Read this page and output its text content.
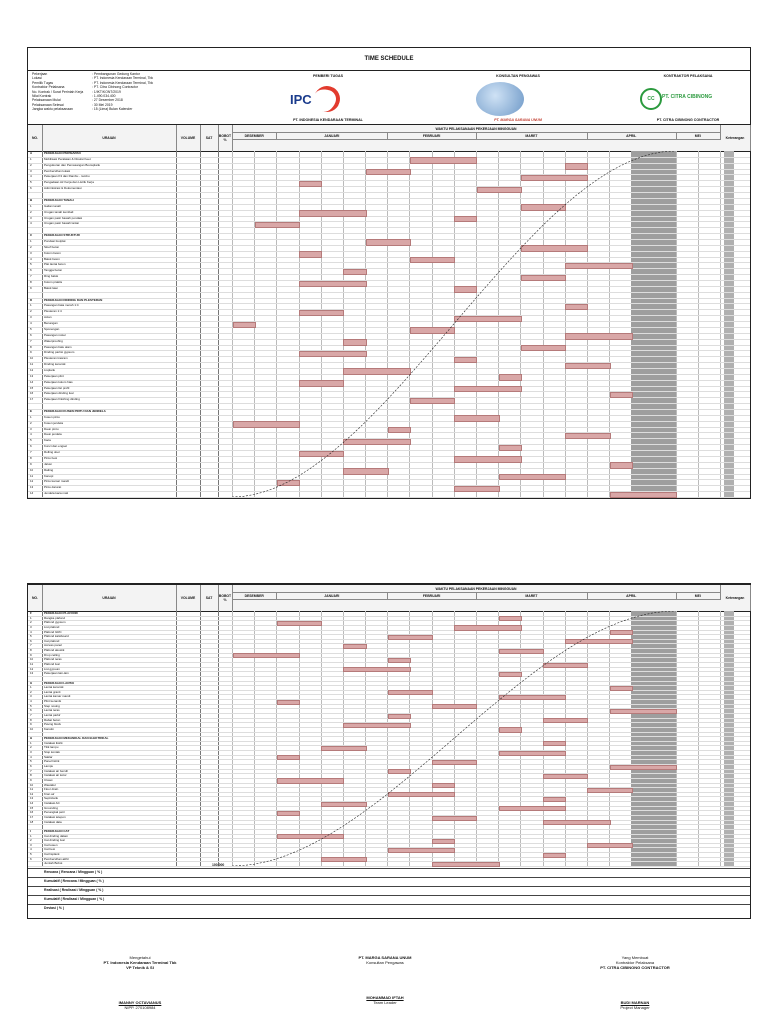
TIME SCHEDULE
Pekerjaan	: Pembangunan Gedung Kantor
Lokasi	: PT. Indonesia Kendaraan Terminal, Tbk
Pemilik Tugas	: PT. Indonesia Kendaraan Terminal, Tbk
Kontraktor Pelaksana	: PT. Citra Cibinong Contractor
No. Kontrak / Surat Perintah Kerja	: 1/IKT/KONT/2019
Nilai Kontrak	: 1.490.034.400
Pelaksanaan Mulai	: 27 Desember 2018
Pelaksanaan Selesai	: 30 Mei 2019
Jangka waktu pelaksanaan	: 15 (Lima) Bulan Kalender
PEMBERI TUGAS	KONSULTAN PENGAWAS	KONTRAKTOR PELAKSANA
IPC	CC	PT. CITRA CIBINONG
PT. INDONESIA KENDARAAN TERMINAL	PT. MARGA SARANA UNUM	PT. CITRA CIBINONG CONTRACTOR
NO.	URAIAN	VOLUME	SAT	BOBOT %
WAKTU PELAKSANAAN PEKERJAAN MINGGUAN
DESEMBER	JANUARI	FEBRUARI	MARET	APRIL	MEI	Keterangan
A	PEKERJAAN PERSIAPAN
1	Mobilisasi Peralatan & Direksi Keet
2	Pengukuran dan Pemasangan Bouwplank
3	Pembersihan lokasi
4	Pekerjaan K3 dan Rambu - rambu
5	Pengadaan Air Kerja dan Listrik Kerja
6	Administrasi & Dokumentasi
B	PEKERJAAN TANAH
1	Galian tanah
2	Urugan tanah kembali
3	Urugan pasir bawah pondasi
4	Urugan pasir bawah lantai
C	PEKERJAAN STRUKTUR
1	Pondasi footplat
2	Sloof beton
3	Kolom beton
4	Balok beton
5	Plat lantai beton
6	Tangga beton
7	Ring balok
8	Kolom praktis
9	Balok latei
D	PEKERJAAN DINDING DAN PLESTERAN
1	Pasangan bata merah 1:4
2	Plesteran 1:4
3	Acian
4	Benangan
5	Sponengan
6	Pasangan roster
7	Waterproofing
8	Pasangan batu alam
9	Dinding partisi gypsum
10	Plesteran trasram
11	Dinding keramik
12	Lisplank
13	Pekerjaan plint
14	Pekerjaan kolom hias
15	Pekerjaan list profil
16	Pekerjaan dinding luar
17	Pekerjaan finishing dinding
E	PEKERJAAN KUSEN PINTU DAN JENDELA
1	Kusen pintu
2	Kusen jendela
3	Daun pintu
4	Daun jendela
5	Kaca
6	Kunci dan engsel
7	Rolling door
8	Pintu besi
9	Jalusi
10	Railing
11	Kanopi
12	Pintu kamar mandi
13	Pintu darurat
14	Jendela kaca mati
NO.	URAIAN	VOLUME	SAT	BOBOT %
WAKTU PELAKSANAAN PEKERJAAN MINGGUAN
DESEMBER	JANUARI	FEBRUARI	MARET	APRIL	MEI	Keterangan
F	PEKERJAAN PLAFOND
1	Rangka plafond
2	Plafond gypsum
3	List plafond
4	Plafond GRC
5	Plafond kalsiboard
6	Cat plafond
7	Access panel
8	Plafond akustik
9	Drop ceiling
10	Plafond teras
11	Plafond luar
12	List gypsum
13	Pekerjaan lain-lain
G	PEKERJAAN LANTAI
1	Lantai keramik
2	Lantai granit
3	Lantai kamar mandi
4	Plint keramik
5	Step nosing
6	Lantai teras
7	Lantai parkir
8	Rabat beton
9	Paving block
10	Kanstin
H	PEKERJAAN MEKANIKAL DAN ELEKTRIKAL
1	Instalasi listrik
2	Titik lampu
3	Stop kontak
4	Saklar
5	Panel listrik
6	Lampu
7	Instalasi air bersih
8	Instalasi air kotor
9	Closet
10	Wastafel
11	Floor drain
12	Kran air
13	Septictank
14	Instalasi AC
15	Grounding
16	Penangkal petir
17	Instalasi telepon
18	Instalasi data
I	PEKERJAAN CAT
1	Cat dinding dalam
2	Cat dinding luar
3	Cat kusen
4	Cat besi
5	Cat lisplank
6	Pembersihan akhir
Jumlah Bobot
Rencana ( Rencana / Mingguan ( % )
Kumulatif ( Rencana / Mingguan ( % )
Realisasi ( Realisasi / Mingguan ( % )
Kumulatif ( Realisasi / Mingguan ( % )
Deviasi ( % )
100,000
Mengetahui
PT. Indonesia Kendaraan Terminal Tbk
VP Teknik & SI
IMANNY OCTAVIANUS
NIPP. 270108984
PT. MARGA SARANA UNUM
Konsultan Pengawas
MOHAMMAD IFTAH
Team Leader
Yang Membuat
Kontraktor Pelaksana
PT. CITRA CIBINONG CONTRACTOR
BUDI MARNAN
Project Manager
